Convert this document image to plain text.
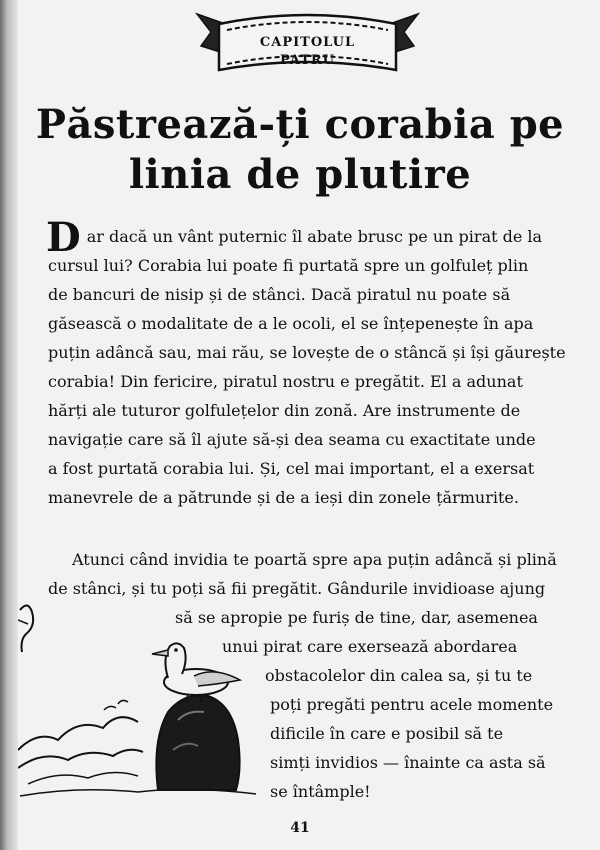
CAPITOLUL
PATRU
Păstrează-ți corabia pe
linia de plutire
D ar dacă un vânt puternic îl abate brusc pe un pirat de la
cursul lui? Corabia lui poate fi purtată spre un golfuleț plin
de bancuri de nisip și de stânci. Dacă piratul nu poate să
găsească o modalitate de a le ocoli, el se înțepenește în apa
puțin adâncă sau, mai rău, se lovește de o stâncă și își găurește
corabia! Din fericire, piratul nostru e pregătit. El a adunat
hărți ale tuturor golfulețelor din zonă. Are instrumente de
navigație care să îl ajute să-și dea seama cu exactitate unde
a fost purtată corabia lui. Și, cel mai important, el a exersat
manevrele de a pătrunde și de a ieși din zonele țărmurite.
Atunci când invidia te poartă spre apa puțin adâncă și plină
de stânci, și tu poți să fii pregătit. Gândurile invidioase ajung
să se apropie pe furiș de tine, dar, asemenea
unui pirat care exersează abordarea
obstacolelor din calea sa, și tu te
poți pregăti pentru acele momente
dificile în care e posibil să te
simți invidios — înainte ca asta să
se întâmple!
41
